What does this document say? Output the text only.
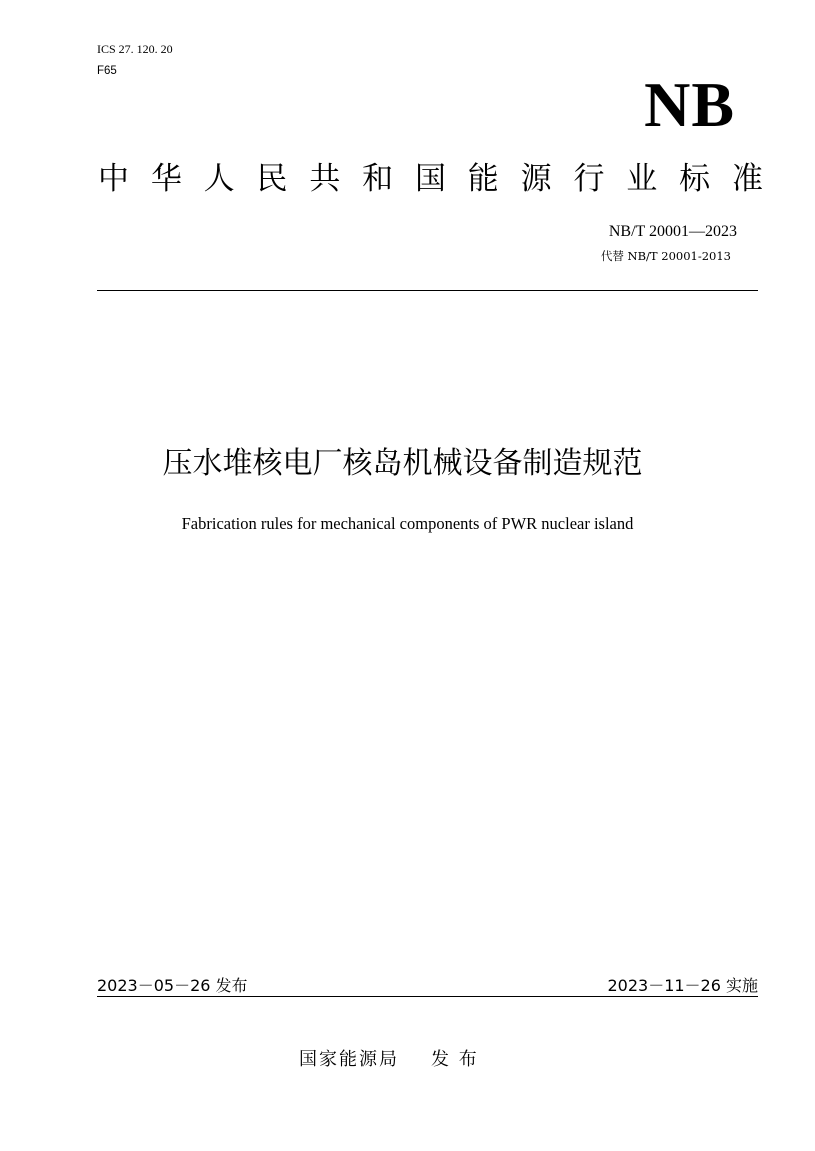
ICS 27. 120. 20
F65	NB
中 华 人 民 共 和 国 能 源 行 业 标 准
NB/T 20001—2023
代替 NB/T 20001-2013
压水堆核电厂核岛机械设备制造规范
Fabrication rules for mechanical components of PWR nuclear island
2023－05－26 发布	2023－11－26 实施
国家能源局 发 布
